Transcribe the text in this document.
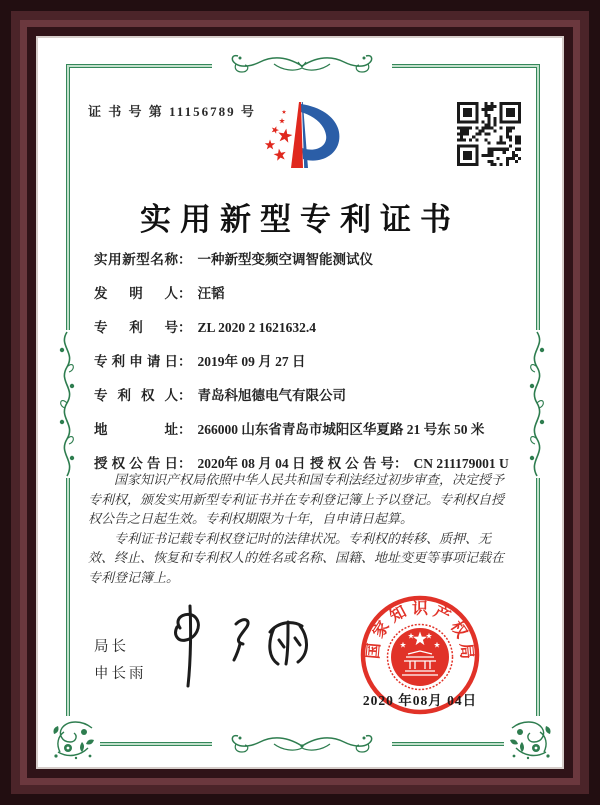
证 书 号 第 11156789 号
实用新型专利证书
实用新型名称： 一种新型变频空调智能测试仪
发明人： 汪韬
专利号： ZL 2020 2 1621632.4
专利申请日： 2019年 09 月 27 日
专利权人： 青岛科旭德电气有限公司
地址： 266000 山东省青岛市城阳区华夏路 21 号东 50 米
授权公告日： 2020年 08 月 04 日 授权公告号： CN 211179001 U

国家知识产权局依照中华人民共和国专利法经过初步审查，决定授予专利权，颁发实用新型专利证书并在专利登记簿上予以登记。专利权自授权公告之日起生效。专利权期限为十年，自申请日起算。

专利证书记载专利权登记时的法律状况。专利权的转移、质押、无效、终止、恢复和专利权人的姓名或名称、国籍、地址变更等事项记载在专利登记簿上。

局长
申长雨
国
家
知 识 产
权
局
2020 年08月 04日
